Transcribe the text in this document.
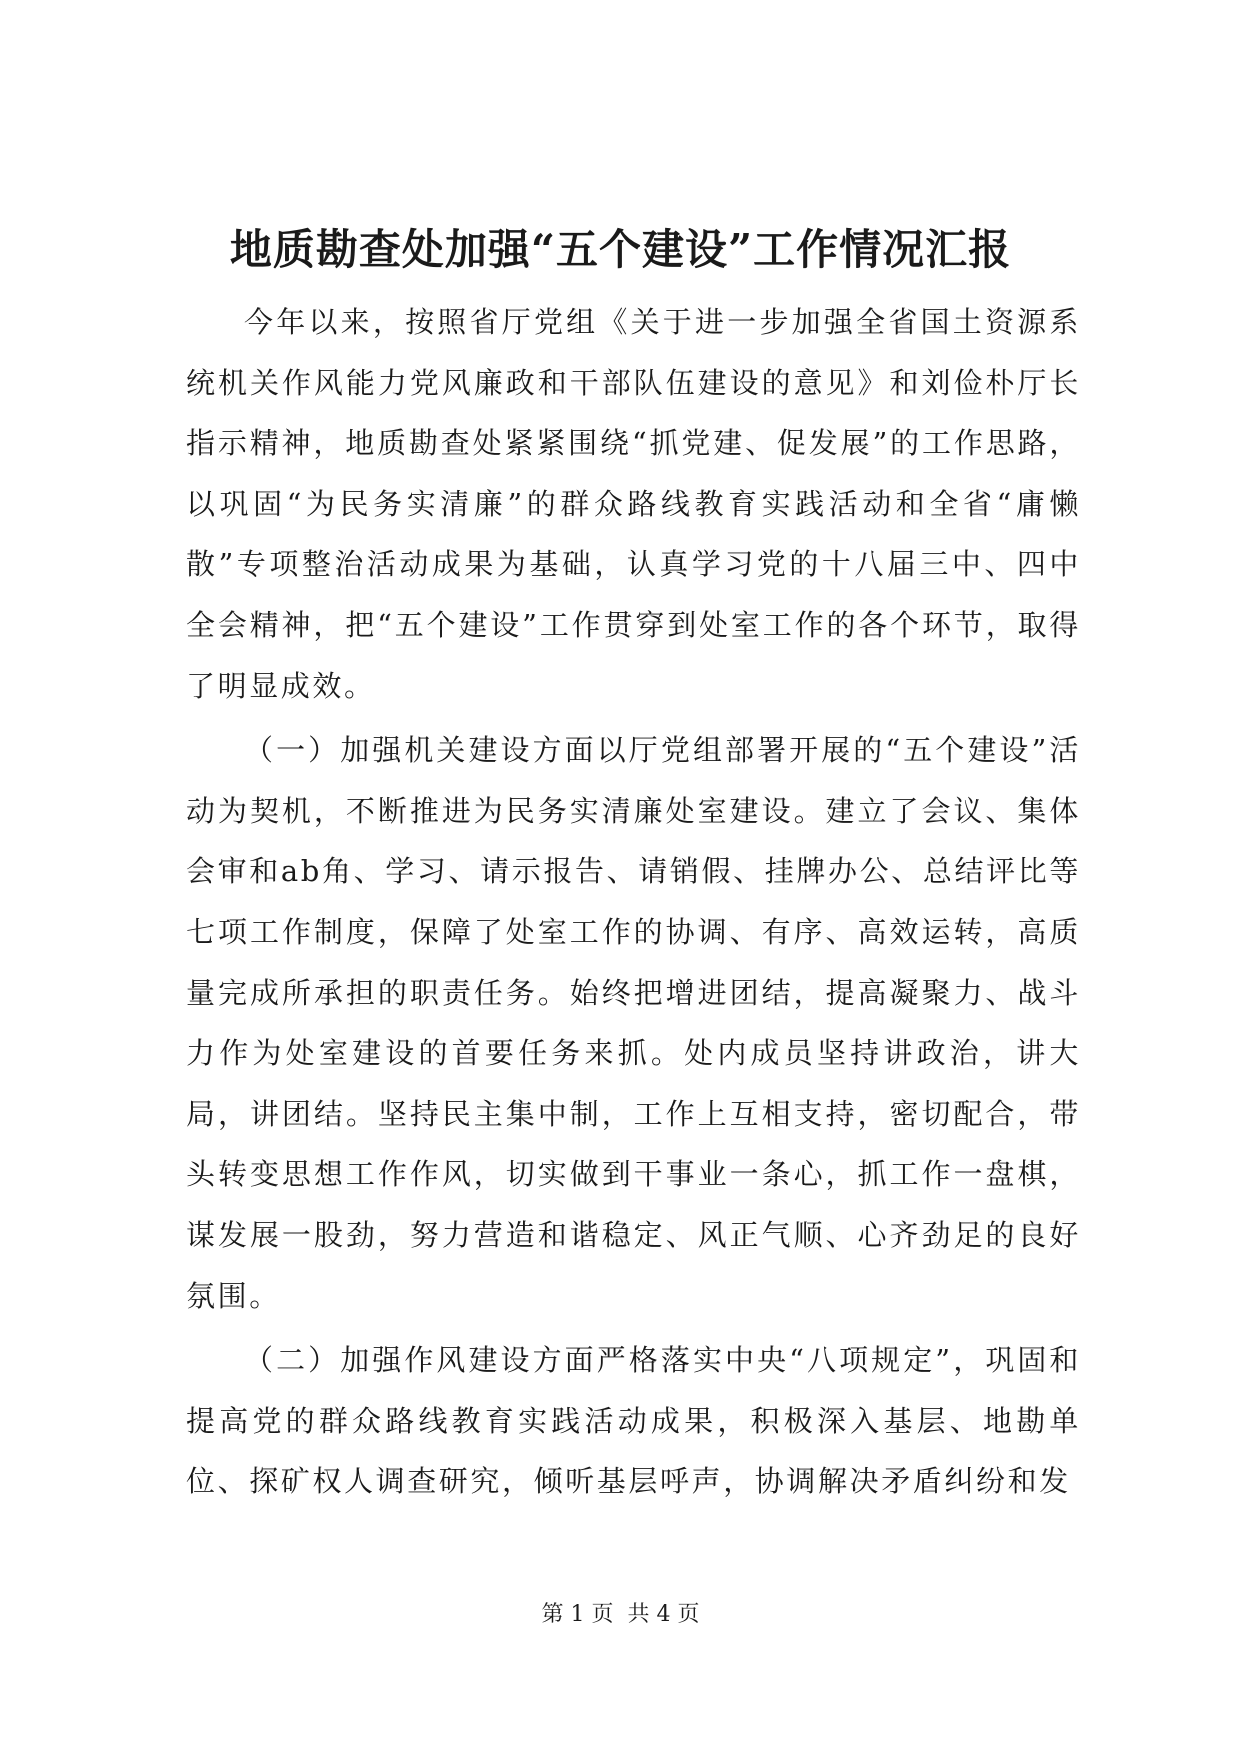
地质勘查处加强“五个建设”工作情况汇报

今年以来，按照省厅党组《关于进一步加强全省国土资源系统机关作风能力党风廉政和干部队伍建设的意见》和刘俭朴厅长指示精神，地质勘查处紧紧围绕“抓党建、促发展”的工作思路，以巩固“为民务实清廉”的群众路线教育实践活动和全省“庸懒散”专项整治活动成果为基础，认真学习党的十八届三中、四中全会精神，把“五个建设”工作贯穿到处室工作的各个环节，取得了明显成效。

（一）加强机关建设方面以厅党组部署开展的“五个建设”活动为契机，不断推进为民务实清廉处室建设。建立了会议、集体会审和ab角、学习、请示报告、请销假、挂牌办公、总结评比等七项工作制度，保障了处室工作的协调、有序、高效运转，高质量完成所承担的职责任务。始终把增进团结，提高凝聚力、战斗力作为处室建设的首要任务来抓。处内成员坚持讲政治，讲大局，讲团结。坚持民主集中制，工作上互相支持，密切配合，带头转变思想工作作风，切实做到干事业一条心，抓工作一盘棋，谋发展一股劲，努力营造和谐稳定、风正气顺、心齐劲足的良好氛围。

（二）加强作风建设方面严格落实中央“八项规定”，巩固和提高党的群众路线教育实践活动成果，积极深入基层、地勘单位、探矿权人调查研究，倾听基层呼声，协调解决矛盾纠纷和发

第 1 页  共 4 页
